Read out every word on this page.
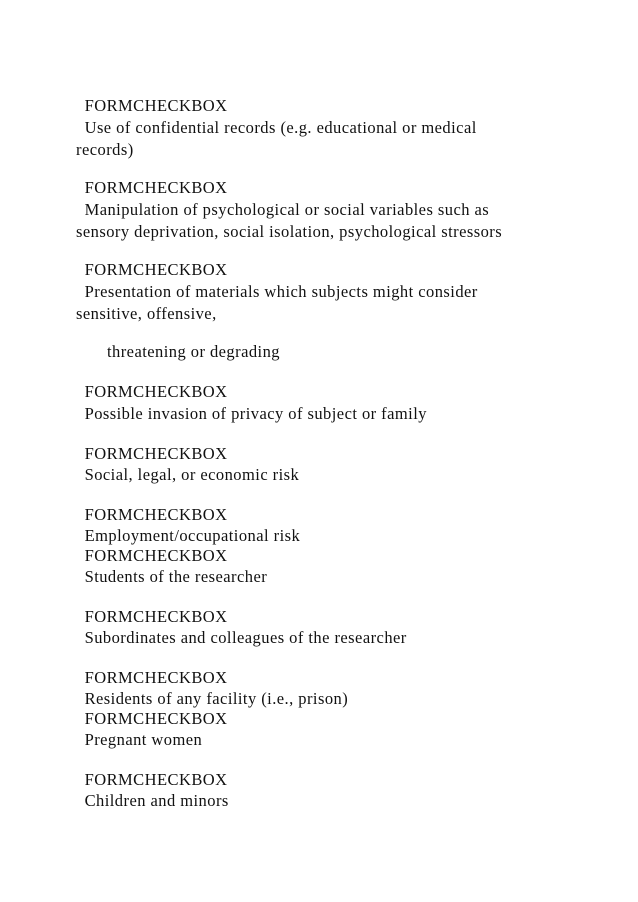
FORMCHECKBOX

Use of confidential records (e.g. educational or medical

records)

FORMCHECKBOX

Manipulation of psychological or social variables such as

sensory deprivation, social isolation, psychological stressors

FORMCHECKBOX

Presentation of materials which subjects might consider

sensitive, offensive,

threatening or degrading

FORMCHECKBOX

Possible invasion of privacy of subject or family

FORMCHECKBOX

Social, legal, or economic risk

FORMCHECKBOX

Employment/occupational risk

FORMCHECKBOX

Students of the researcher

FORMCHECKBOX

Subordinates and colleagues of the researcher

FORMCHECKBOX

Residents of any facility (i.e., prison)

FORMCHECKBOX

Pregnant women

FORMCHECKBOX

Children and minors
